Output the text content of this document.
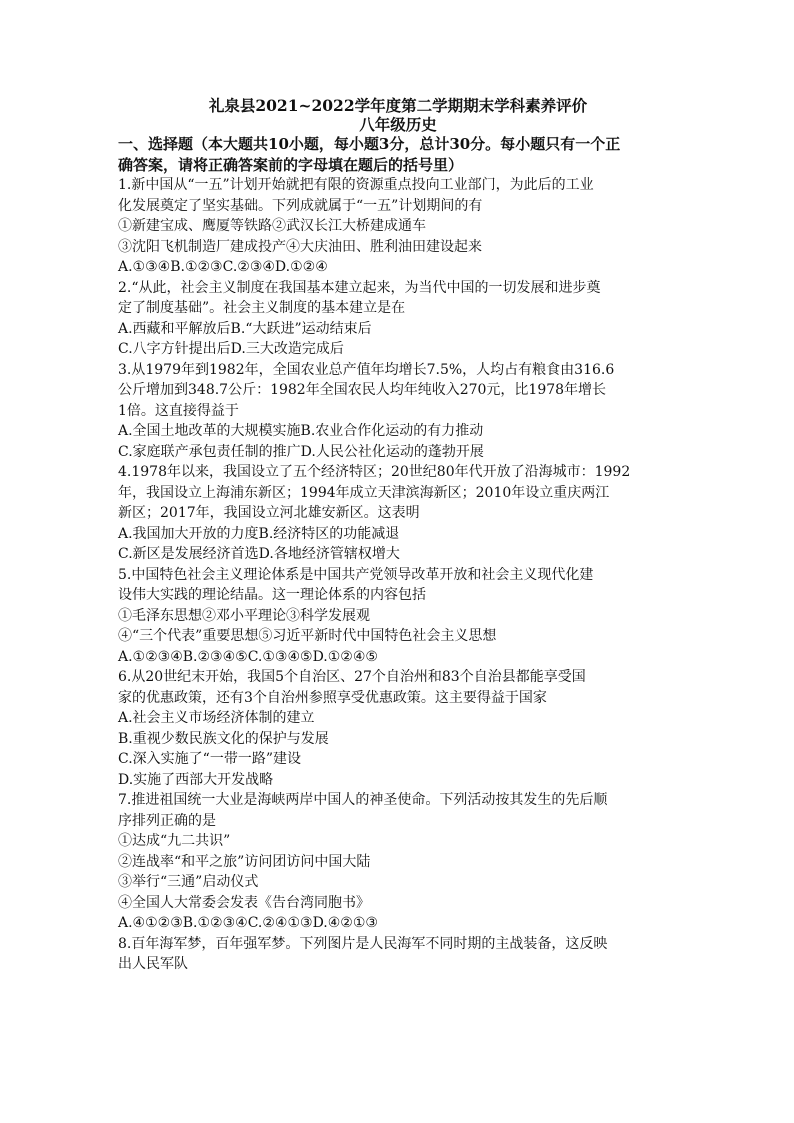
礼泉县2021~2022学年度第二学期期末学科素养评价

八年级历史

一、选择题（本大题共10小题，每小题3分，总计30分。每小题只有一个正

确答案，请将正确答案前的字母填在题后的括号里）

1.新中国从“一五”计划开始就把有限的资源重点投向工业部门，为此后的工业

化发展奠定了坚实基础。下列成就属于“一五”计划期间的有

①新建宝成、鹰厦等铁路②武汉长江大桥建成通车

③沈阳飞机制造厂建成投产④大庆油田、胜利油田建设起来

A.①③④B.①②③C.②③④D.①②④

2.“从此，社会主义制度在我国基本建立起来，为当代中国的一切发展和进步奠

定了制度基础”。社会主义制度的基本建立是在

A.西藏和平解放后B.“大跃进”运动结束后

C.八字方针提出后D.三大改造完成后

3.从1979年到1982年，全国农业总产值年均增长7.5%，人均占有粮食由316.6

公斤增加到348.7公斤：1982年全国农民人均年纯收入270元，比1978年增长

1倍。这直接得益于

A.全国土地改革的大规模实施B.农业合作化运动的有力推动

C.家庭联产承包责任制的推广D.人民公社化运动的蓬勃开展

4.1978年以来，我国设立了五个经济特区；20世纪80年代开放了沿海城市：1992

年，我国设立上海浦东新区；1994年成立天津滨海新区；2010年设立重庆两江

新区；2017年，我国设立河北雄安新区。这表明

A.我国加大开放的力度B.经济特区的功能减退

C.新区是发展经济首选D.各地经济管辖权增大

5.中国特色社会主义理论体系是中国共产党领导改革开放和社会主义现代化建

设伟大实践的理论结晶。这一理论体系的内容包括

①毛泽东思想②邓小平理论③科学发展观

④“三个代表”重要思想⑤习近平新时代中国特色社会主义思想

A.①②③④B.②③④⑤C.①③④⑤D.①②④⑤

6.从20世纪末开始，我国5个自治区、27个自治州和83个自治县都能享受国

家的优惠政策，还有3个自治州参照享受优惠政策。这主要得益于国家

A.社会主义市场经济体制的建立

B.重视少数民族文化的保护与发展

C.深入实施了“一带一路”建设

D.实施了西部大开发战略

7.推进祖国统一大业是海峡两岸中国人的神圣使命。下列活动按其发生的先后顺

序排列正确的是

①达成“九二共识”

②连战率“和平之旅”访问团访问中国大陆

③举行“三通”启动仪式

④全国人大常委会发表《告台湾同胞书》

A.④①②③B.①②③④C.②④①③D.④②①③

8.百年海军梦，百年强军梦。下列图片是人民海军不同时期的主战装备，这反映

出人民军队
